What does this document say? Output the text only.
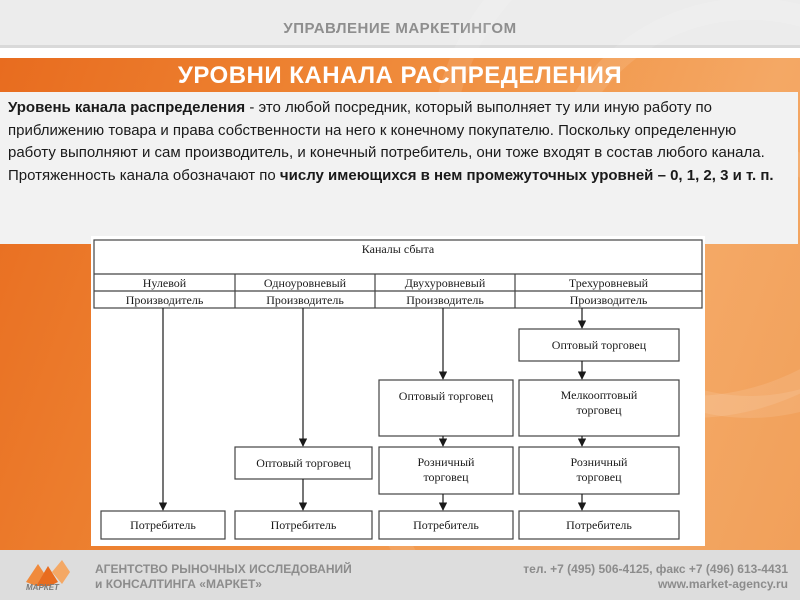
УПРАВЛЕНИЕ МАРКЕТИНГОМ
УРОВНИ КАНАЛА РАСПРЕДЕЛЕНИЯ

Уровень канала распределения - это любой посредник, который выполняет ту или иную работу по приближению товара и права собственности на него к конечному покупателю. Поскольку определенную работу выполняют и сам производитель, и конечный потребитель, они тоже входят в состав любого канала. Протяженность канала обозначают по числу имеющихся в нем промежуточных уровней – 0, 1, 2, 3 и т. п.

Каналы сбыта
Нулевой	Одноуровневый	Двухуровневый	Трехуровневый
Производитель	Производитель	Производитель	Производитель
Оптовый торговец
Оптовый торговец	Мелкооптовый торговец
Оптовый торговец	Розничный торговец
Розничный торговец
Потребитель	Потребитель	Потребитель	Потребитель
МАРКЕТ
АГЕНТСТВО РЫНОЧНЫХ ИССЛЕДОВАНИЙ
и КОНСАЛТИНГА «МАРКЕТ»
тел. +7 (495) 506-4125, факс +7 (496) 613-4431
www.market-agency.ru
